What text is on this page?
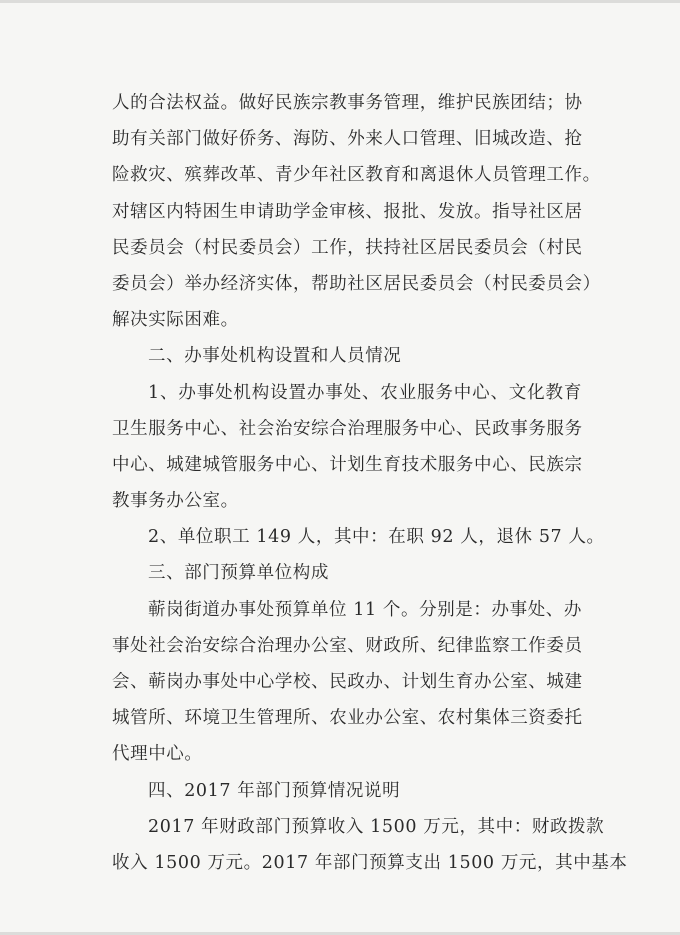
人的合法权益。做好民族宗教事务管理，维护民族团结；协
助有关部门做好侨务、海防、外来人口管理、旧城改造、抢
险救灾、殡葬改革、青少年社区教育和离退休人员管理工作。
对辖区内特困生申请助学金审核、报批、发放。指导社区居
民委员会（村民委员会）工作，扶持社区居民委员会（村民
委员会）举办经济实体，帮助社区居民委员会（村民委员会）
解决实际困难。
二、办事处机构设置和人员情况
1、办事处机构设置办事处、农业服务中心、文化教育
卫生服务中心、社会治安综合治理服务中心、民政事务服务
中心、城建城管服务中心、计划生育技术服务中心、民族宗
教事务办公室。
2、单位职工 149 人，其中：在职 92 人，退休 57 人。
三、部门预算单位构成
蕲岗街道办事处预算单位 11 个。分别是：办事处、办
事处社会治安综合治理办公室、财政所、纪律监察工作委员
会、蕲岗办事处中心学校、民政办、计划生育办公室、城建
城管所、环境卫生管理所、农业办公室、农村集体三资委托
代理中心。
四、2017 年部门预算情况说明
2017 年财政部门预算收入 1500 万元，其中：财政拨款
收入 1500 万元。2017 年部门预算支出 1500 万元，其中基本
